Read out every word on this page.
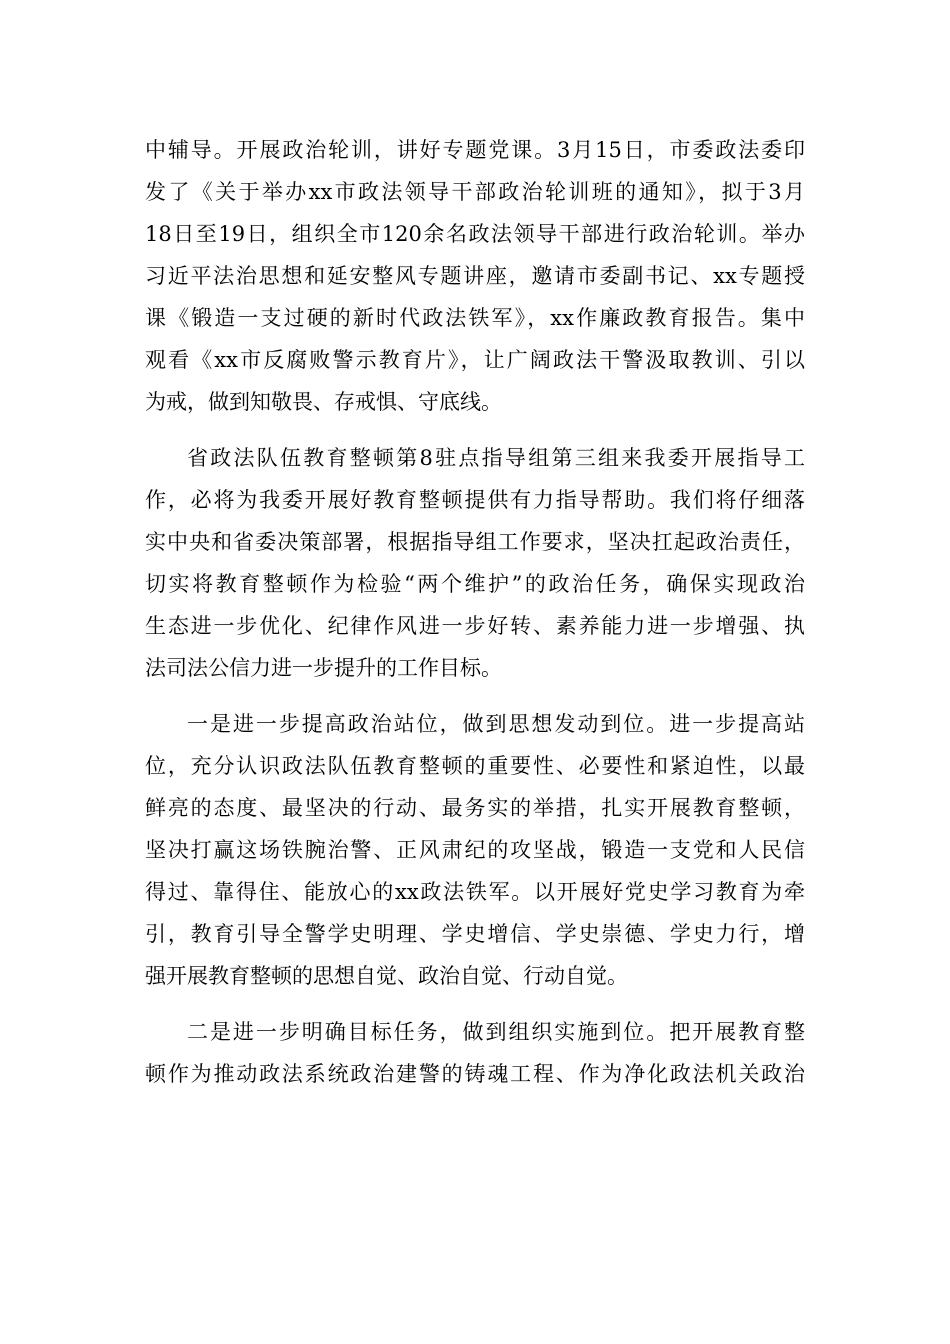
中辅导。开展政治轮训，讲好专题党课。3月15日，市委政法委印
发了《关于举办xx市政法领导干部政治轮训班的通知》，拟于3月
18日至19日，组织全市120余名政法领导干部进行政治轮训。举办
习近平法治思想和延安整风专题讲座，邀请市委副书记、xx专题授
课《锻造一支过硬的新时代政法铁军》，xx作廉政教育报告。集中
观看《xx市反腐败警示教育片》，让广阔政法干警汲取教训、引以
为戒，做到知敬畏、存戒惧、守底线。
省政法队伍教育整顿第8驻点指导组第三组来我委开展指导工
作，必将为我委开展好教育整顿提供有力指导帮助。我们将仔细落
实中央和省委决策部署，根据指导组工作要求，坚决扛起政治责任，
切实将教育整顿作为检验“两个维护”的政治任务，确保实现政治
生态进一步优化、纪律作风进一步好转、素养能力进一步增强、执
法司法公信力进一步提升的工作目标。
一是进一步提高政治站位，做到思想发动到位。进一步提高站
位，充分认识政法队伍教育整顿的重要性、必要性和紧迫性，以最
鲜亮的态度、最坚决的行动、最务实的举措，扎实开展教育整顿，
坚决打赢这场铁腕治警、正风肃纪的攻坚战，锻造一支党和人民信
得过、靠得住、能放心的xx政法铁军。以开展好党史学习教育为牵
引，教育引导全警学史明理、学史增信、学史崇德、学史力行，增
强开展教育整顿的思想自觉、政治自觉、行动自觉。
二是进一步明确目标任务，做到组织实施到位。把开展教育整
顿作为推动政法系统政治建警的铸魂工程、作为净化政法机关政治
